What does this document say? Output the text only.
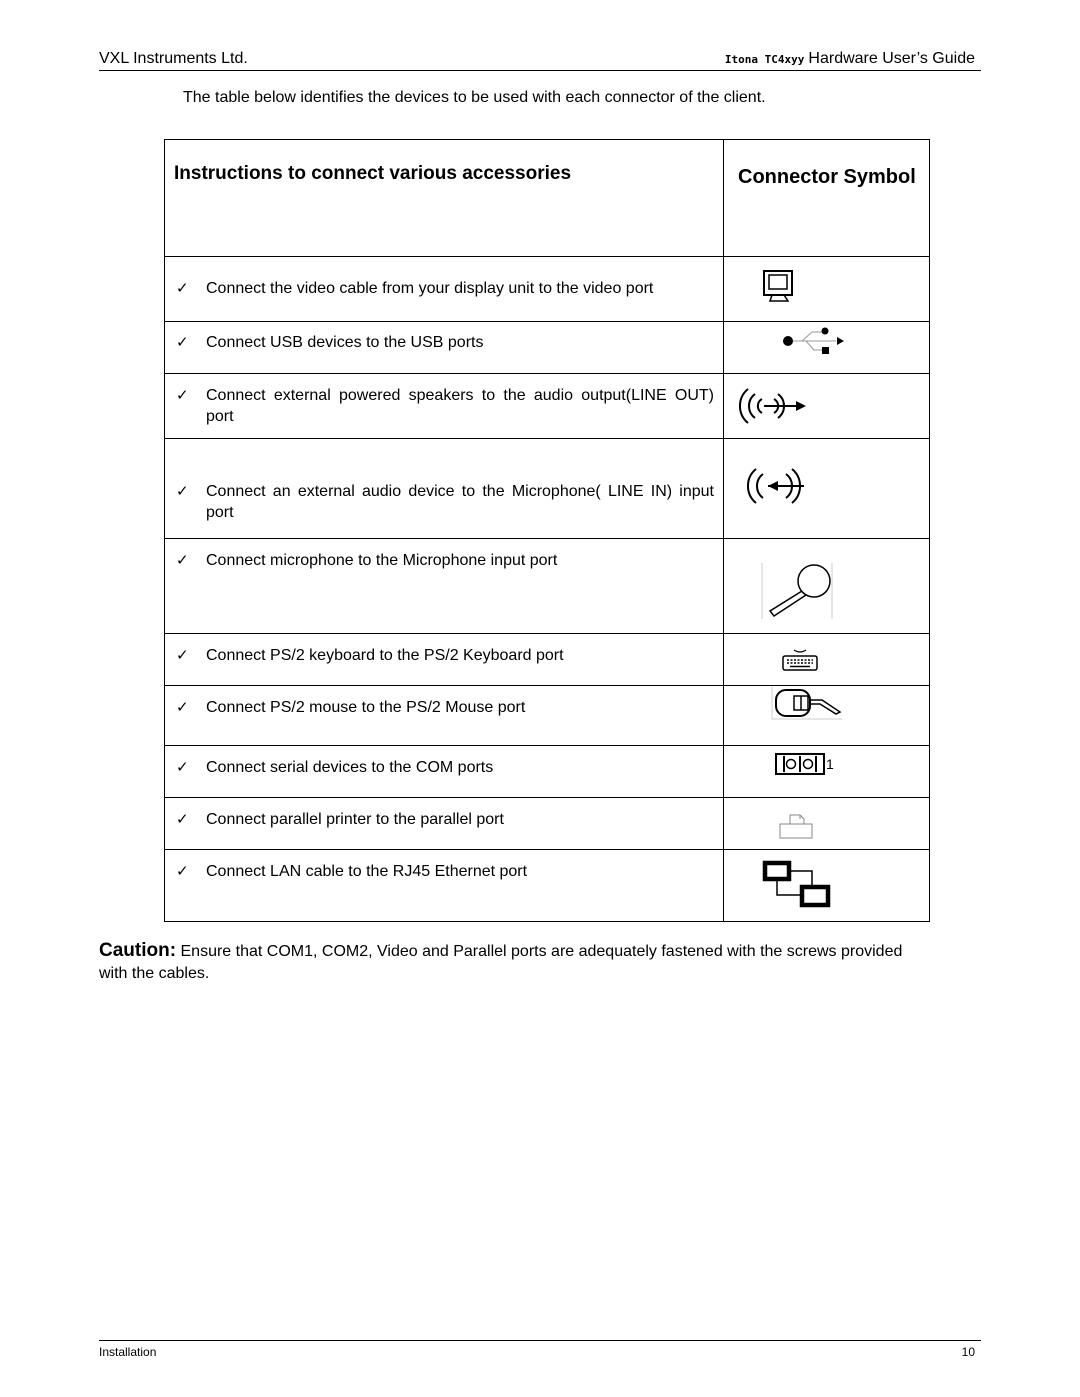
VXL Instruments Ltd.	Itona TC4xyy Hardware User’s Guide
The table below identifies the devices to be used with each connector of the client.
Instructions to connect various accessories	Connector Symbol

✓ Connect the video cable from your display unit to the video port

✓ Connect USB devices to the USB ports

✓ Connect external powered speakers to the audio output(LINE OUT) port

✓ Connect an external audio device to the Microphone( LINE IN) input port

✓ Connect microphone to the Microphone input port

✓ Connect PS/2 keyboard to the PS/2 Keyboard port

✓ Connect PS/2 mouse to the PS/2 Mouse port

✓ Connect serial devices to the COM ports	1

✓ Connect parallel printer to the parallel port

✓ Connect LAN cable to the RJ45 Ethernet port

Caution: Ensure that COM1, COM2, Video and Parallel ports are adequately fastened with the screws provided with the cables.
Installation	10
